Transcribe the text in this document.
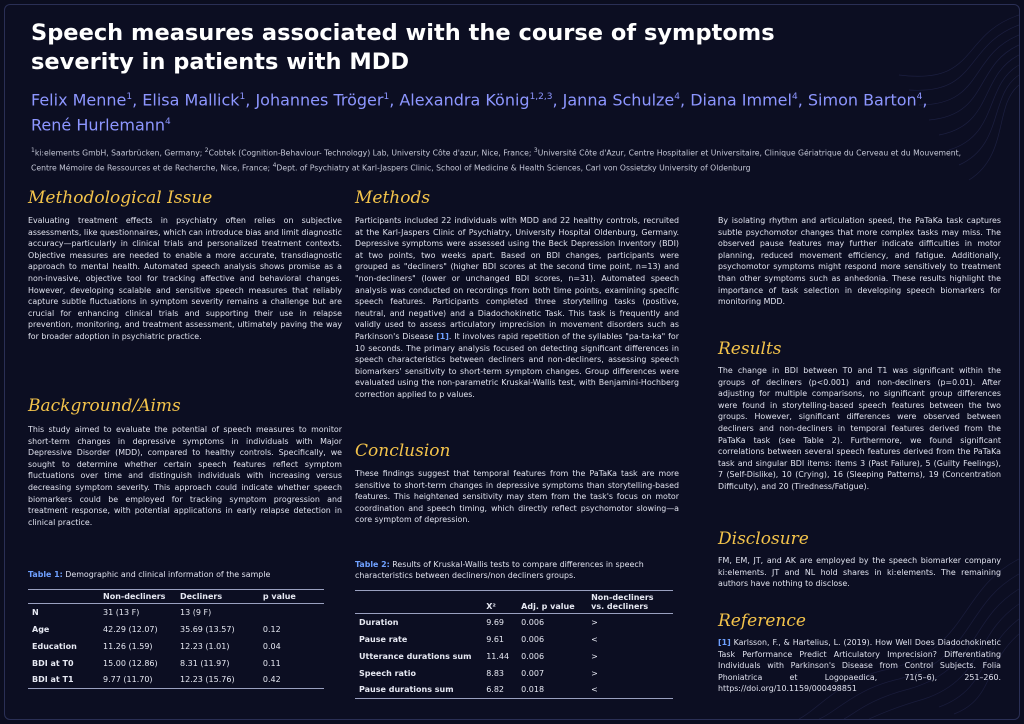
Speech measures associated with the course of symptoms severity in patients with MDD
Felix Menne$^1$, Elisa Mallick$^1$, Johannes Tröger$^1$, Alexandra König$^{1,2,3}$, Janna Schulze$^4$, Diana Immel$^4$, Simon Barton$^4$, René Hurlemann$^4$
$^1$ki:elements GmbH, Saarbrücken, Germany; $^2$Cobtek (Cognition-Behaviour- Technology) Lab, University Côte d'azur, Nice, France; $^3$Université Côte d'Azur, Centre Hospitalier et Universitaire, Clinique Gériatrique du Cerveau et du Mouvement, Centre Mémoire de Ressources et de Recherche, Nice, France; $^4$Dept. of Psychiatry at Karl-Jaspers Clinic, School of Medicine & Health Sciences, Carl von Ossietzky University of Oldenburg
Methodological Issue
Evaluating treatment effects in psychiatry often relies on subjective assessments, like questionnaires, which can introduce bias and limit diagnostic accuracy—particularly in clinical trials and personalized treatment contexts. Objective measures are needed to enable a more accurate, transdiagnostic approach to mental health. Automated speech analysis shows promise as a non-invasive, objective tool for tracking affective and behavioral changes. However, developing scalable and sensitive speech measures that reliably capture subtle fluctuations in symptom severity remains a challenge but are crucial for enhancing clinical trials and supporting their use in relapse prevention, monitoring, and treatment assessment, ultimately paving the way for broader adoption in psychiatric practice.
Background/Aims
This study aimed to evaluate the potential of speech measures to monitor short-term changes in depressive symptoms in individuals with Major Depressive Disorder (MDD), compared to healthy controls. Specifically, we sought to determine whether certain speech features reflect symptom fluctuations over time and distinguish individuals with increasing versus decreasing symptom severity. This approach could indicate whether speech biomarkers could be employed for tracking symptom progression and treatment response, with potential applications in early relapse detection in clinical practice.
Table 1: Demographic and clinical information of the sample
	Non-decliners	Decliners	p value
N	31 (13 F)	13 (9 F)	
Age	42.29 (12.07)	35.69 (13.57)	0.12
Education	11.26 (1.59)	12.23 (1.01)	0.04
BDI at T0	15.00 (12.86)	8.31 (11.97)	0.11
BDI at T1	9.77 (11.70)	12.23 (15.76)	0.42
Methods
Participants included 22 individuals with MDD and 22 healthy controls, recruited at the Karl-Jaspers Clinic of Psychiatry, University Hospital Oldenburg, Germany. Depressive symptoms were assessed using the Beck Depression Inventory (BDI) at two points, two weeks apart. Based on BDI changes, participants were grouped as "decliners" (higher BDI scores at the second time point, n=13) and "non-decliners" (lower or unchanged BDI scores, n=31). Automated speech analysis was conducted on recordings from both time points, examining specific speech features. Participants completed three storytelling tasks (positive, neutral, and negative) and a Diadochokinetic Task. This task is frequently and validly used to assess articulatory imprecision in movement disorders such as Parkinson's Disease [1]. It involves rapid repetition of the syllables "pa-ta-ka" for 10 seconds. The primary analysis focused on detecting significant differences in speech characteristics between decliners and non-decliners, assessing speech biomarkers' sensitivity to short-term symptom changes. Group differences were evaluated using the non-parametric Kruskal-Wallis test, with Benjamini-Hochberg correction applied to p values.
Conclusion
These findings suggest that temporal features from the PaTaKa task are more sensitive to short-term changes in depressive symptoms than storytelling-based features. This heightened sensitivity may stem from the task's focus on motor coordination and speech timing, which directly reflect psychomotor slowing—a core symptom of depression.
Table 2: Results of Kruskal-Wallis tests to compare differences in speech characteristics between decliners/non decliners groups.
	X²	Adj. p value	Non-decliners vs. decliners
Duration	9.69	0.006	>
Pause rate	9.61	0.006	<
Utterance durations sum	11.44	0.006	>
Speech ratio	8.83	0.007	>
Pause durations sum	6.82	0.018	<
By isolating rhythm and articulation speed, the PaTaKa task captures subtle psychomotor changes that more complex tasks may miss. The observed pause features may further indicate difficulties in motor planning, reduced movement efficiency, and fatigue. Additionally, psychomotor symptoms might respond more sensitively to treatment than other symptoms such as anhedonia. These results highlight the importance of task selection in developing speech biomarkers for monitoring MDD.
Results
The change in BDI between T0 and T1 was significant within the groups of decliners (p<0.001) and non-decliners (p=0.01). After adjusting for multiple comparisons, no significant group differences were found in storytelling-based speech features between the two groups. However, significant differences were observed between decliners and non-decliners in temporal features derived from the PaTaKa task (see Table 2). Furthermore, we found significant correlations between several speech features derived from the PaTaKa task and singular BDI items: items 3 (Past Failure), 5 (Guilty Feelings), 7 (Self-Dislike), 10 (Crying), 16 (Sleeping Patterns), 19 (Concentration Difficulty), and 20 (Tiredness/Fatigue).
Disclosure
FM, EM, JT, and AK are employed by the speech biomarker company ki:elements. JT and NL hold shares in ki:elements. The remaining authors have nothing to disclose.
Reference
[1] Karlsson, F., & Hartelius, L. (2019). How Well Does Diadochokinetic Task Performance Predict Articulatory Imprecision? Differentiating Individuals with Parkinson's Disease from Control Subjects. Folia Phoniatrica et Logopaedica, 71(5–6), 251–260. https://doi.org/10.1159/000498851
